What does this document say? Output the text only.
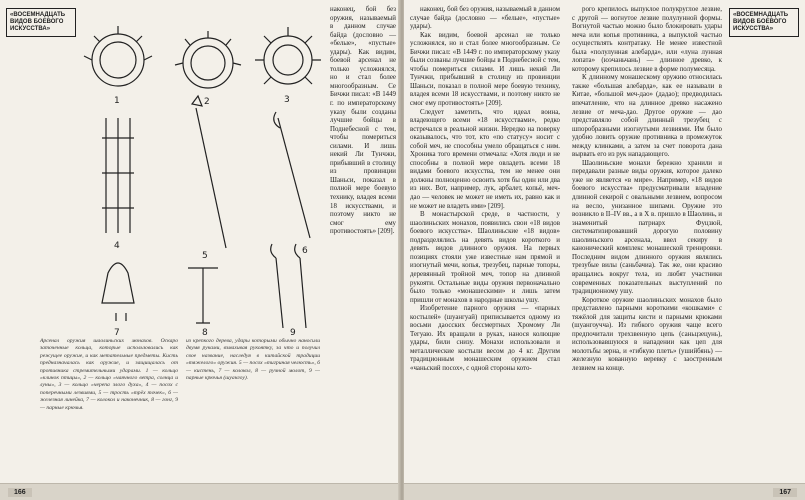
«ВОСЕМНАДЦАТЬ ВИДОВ БОЕВОГО ИСКУССТВА»
1	2	3
4
5	6
7	8	9
Арсенал оружия шаолиньских монахов. Оскаро заточенные кольца, которые использовались как режущее оружие, и как метательные предметы. Кисть предназначалась как оружие, и защищалась от противника стремительными ударами. 1 — кольцо «клинок птицы», 2 — кольцо «чаячного ветра, солнца и луны», 3 — кольцо «черепа злого духа», 4 — посох с поперечными лезвиями, 5 — трость «трёх точек», 6 — железная линейка, 7 — колокол и наконечник, 8 — гонг, 9 — парные крючья.
из крепкого дерева, удары которыми обычно наносили двумя руками, взмахивая рукоятку, за что и получил свое название, наследуя в китайской традиции «тяжелого» оружия. 5 — посох «тигриная челюсть», 6 — кистень, 7 — колокол, 8 — ручной молот, 9 — парные крючья (шуангоу).
наконец, бой без оружия, называемый в данном случае байда (дословно — «белые», «пустые» удары). Как видим, боевой арсенал не только усложнялся, но и стал более многообразным. Се Бичжи писал: «В 1449 г. по императорскому указу были созданы лучшие бойцы в Поднебесной с тем, чтобы помериться силами. И лишь некий Ли Тунчжи, прибывший в столицу из провинции Шаньси, показал в полной мере боевую технику, владея всеми 18 искусствами, и поэтому никто не смог ему противостоять» [209].
166

наконец, бой без оружия, называемый в данном случае байда (дословно — «белые», «пустые» удары).

Как видим, боевой арсенал не только усложнялся, но и стал более многообразным. Се Бичжи писал: «В 1449 г. по императорскому указу были созваны лучшие бойцы в Поднебесной с тем, чтобы помериться силами. И лишь некий Ли Тунчжи, прибывший в столицу из провинции Шаньси, показал в полной мере боевую технику, владея всеми 18 искусствами, и поэтому никто не смог ему противостоять» [209].

Следует заметить, что идеал воина, владеющего всеми «18 искусствами», редко встречался в реальной жизни. Нередко на поверку оказывалось, что тот, кто «по статусу» носит с собой меч, не способны умело обращаться с ним. Хроника того времени отмечала: «Хотя люди и не способны в полной мере овладеть всеми 18 видами боевого искусства, тем не менее они должны полноценно освоить хотя бы один или два из них. Вот, например, лук, арбалет, копьё, меч-дао — человек не может не иметь их, равно как и не может не владеть ими» [209].

В монастырской среде, в частности, у шаолиньских монахов, появились свои «18 видов боевого искусства». Шаолиньские «18 видов» подразделялись на девять видов короткого и девять видов длинного оружия. На первых позициях стояли уже известные нам прямой и изогнутый мечи, копья, трезубец, парные топоры, деревянный тройной меч, топор на длинной рукояти. Остальные виды оружия первоначально было только «монашескими» и лишь затем пришли от монахов в народные школы ушу.

Изобретение парного оружия — «парных костылей» (шуангуай) приписывается одному из восьми даосских бессмертных Хромому Ли Тегуаю. Их вращали в руках, нанося колющие удары, били снизу. Монахи использовали и металлические костыли весом до 4 кг. Другим традиционным монашеским оружием стал «чаньский посох», с одной стороны кото-

рого крепилось выпуклое полукруглое лезвие, с другой — вогнутое лезвие полулунной формы. Вогнутой частью можно было блокировать удары меча или копья противника, а выпуклой частью осуществлять контратаку. Не менее известной была «полулунная алебарда», или «луна лунная лопата» (юэчаньчань) — длинное древко, к которому крепилось лезвие в форме полумесяца.

К длинному монашескому оружию относилась также «большая алебарда», как ее называли в Китае, «большой меч-дао» (дадао); предводилась впечатление, что на длинное древко насажено лезвие от меча-дао. Другое оружие — дао представляло собой длинный трезубец с шпоробразными изогнутыми лезвиями. Им было удобно ловить оружие противника в промежуток между клинками, а затем за счет поворота дана вырвать его из рук нападающего.

Шаолиньские монахи бережно хранили и передавали разные виды оружия, которое далеко уже не является «в мире». Например, «18 видов боевого искусства» предусматривали владение длинной секирой с овальными лезвием, вопросом на весло, унизанное шипами. Оружие это возникло в II–IV вв., а в X в. пришло в Шаолинь, и знаменитый патриарх Фуцзюй, систематизировавший дорогую половину шаолиньского арсенала, ввел секиру в канонический комплекс монашеской тренировки. Последним видом длинного оружия являлись трезубые вилы (саньбачиа). Так же, они красиво вращались вокруг тела, из любят участники современных показательных выступлений по традиционному ушу.

Короткое оружие шаолиньских монахов было представлено парными короткими «кошками» с тяжёлой для защиты кисти и парными крюками (шуангоучча). Из гибкого оружия чаще всего предпочитали трехзвенную цепь (саньцзецунь), использовавшуюся в нападении как цеп для молотьбы зерна, и «гибкую плеть» (ушийбянь) — железную кованную веревку с заостренным лезвием на конце.

«ВОСЕМНАДЦАТЬ ВИДОВ БОЕВОГО ИСКУССТВА»
167
